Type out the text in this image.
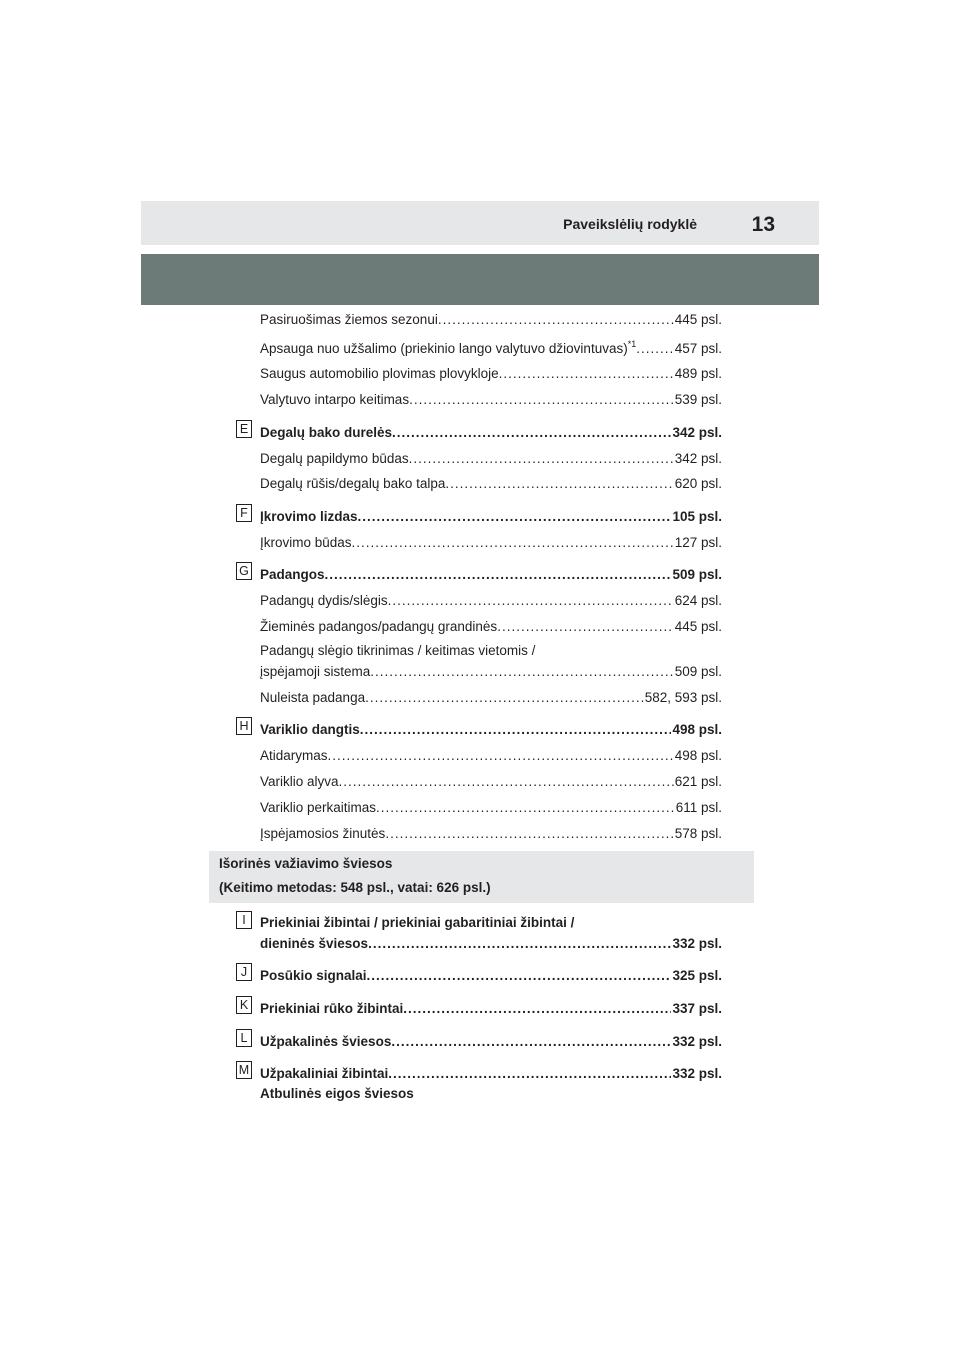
Paveikslėlių rodyklė	13
Pasiruošimas žiemos sezonui .....	445 psl.
Apsauga nuo užšalimo (priekinio lango valytuvo džiovintuvas)$^{*1}$ .....	457 psl.
Saugus automobilio plovimas plovykloje .....	489 psl.
Valytuvo intarpo keitimas .....	539 psl.
E Degalų bako durelės .....	342 psl.
Degalų papildymo būdas .....	342 psl.
Degalų rūšis/degalų bako talpa .....	620 psl.
F Įkrovimo lizdas .....	105 psl.
Įkrovimo būdas .....	127 psl.
G Padangos .....	509 psl.
Padangų dydis/slėgis .....	624 psl.
Žieminės padangos/padangų grandinės .....	445 psl.
Padangų slėgio tikrinimas / keitimas vietomis /
įspėjamoji sistema .....	509 psl.
Nuleista padanga .....	582, 593 psl.
H Variklio dangtis .....	498 psl.
Atidarymas .....	498 psl.
Variklio alyva .....	621 psl.
Variklio perkaitimas .....	611 psl.
Įspėjamosios žinutės .....	578 psl.
Išorinės važiavimo šviesos
(Keitimo metodas: 548 psl., vatai: 626 psl.)
I	Priekiniai žibintai / priekiniai gabaritiniai žibintai /
dieninės šviesos .....	332 psl.
J Posūkio signalai .....	325 psl.
K Priekiniai rūko žibintai .....	337 psl.
L Užpakalinės šviesos .....	332 psl.
M Užpakaliniai žibintai .....	332 psl.
Atbulinės eigos šviesos
